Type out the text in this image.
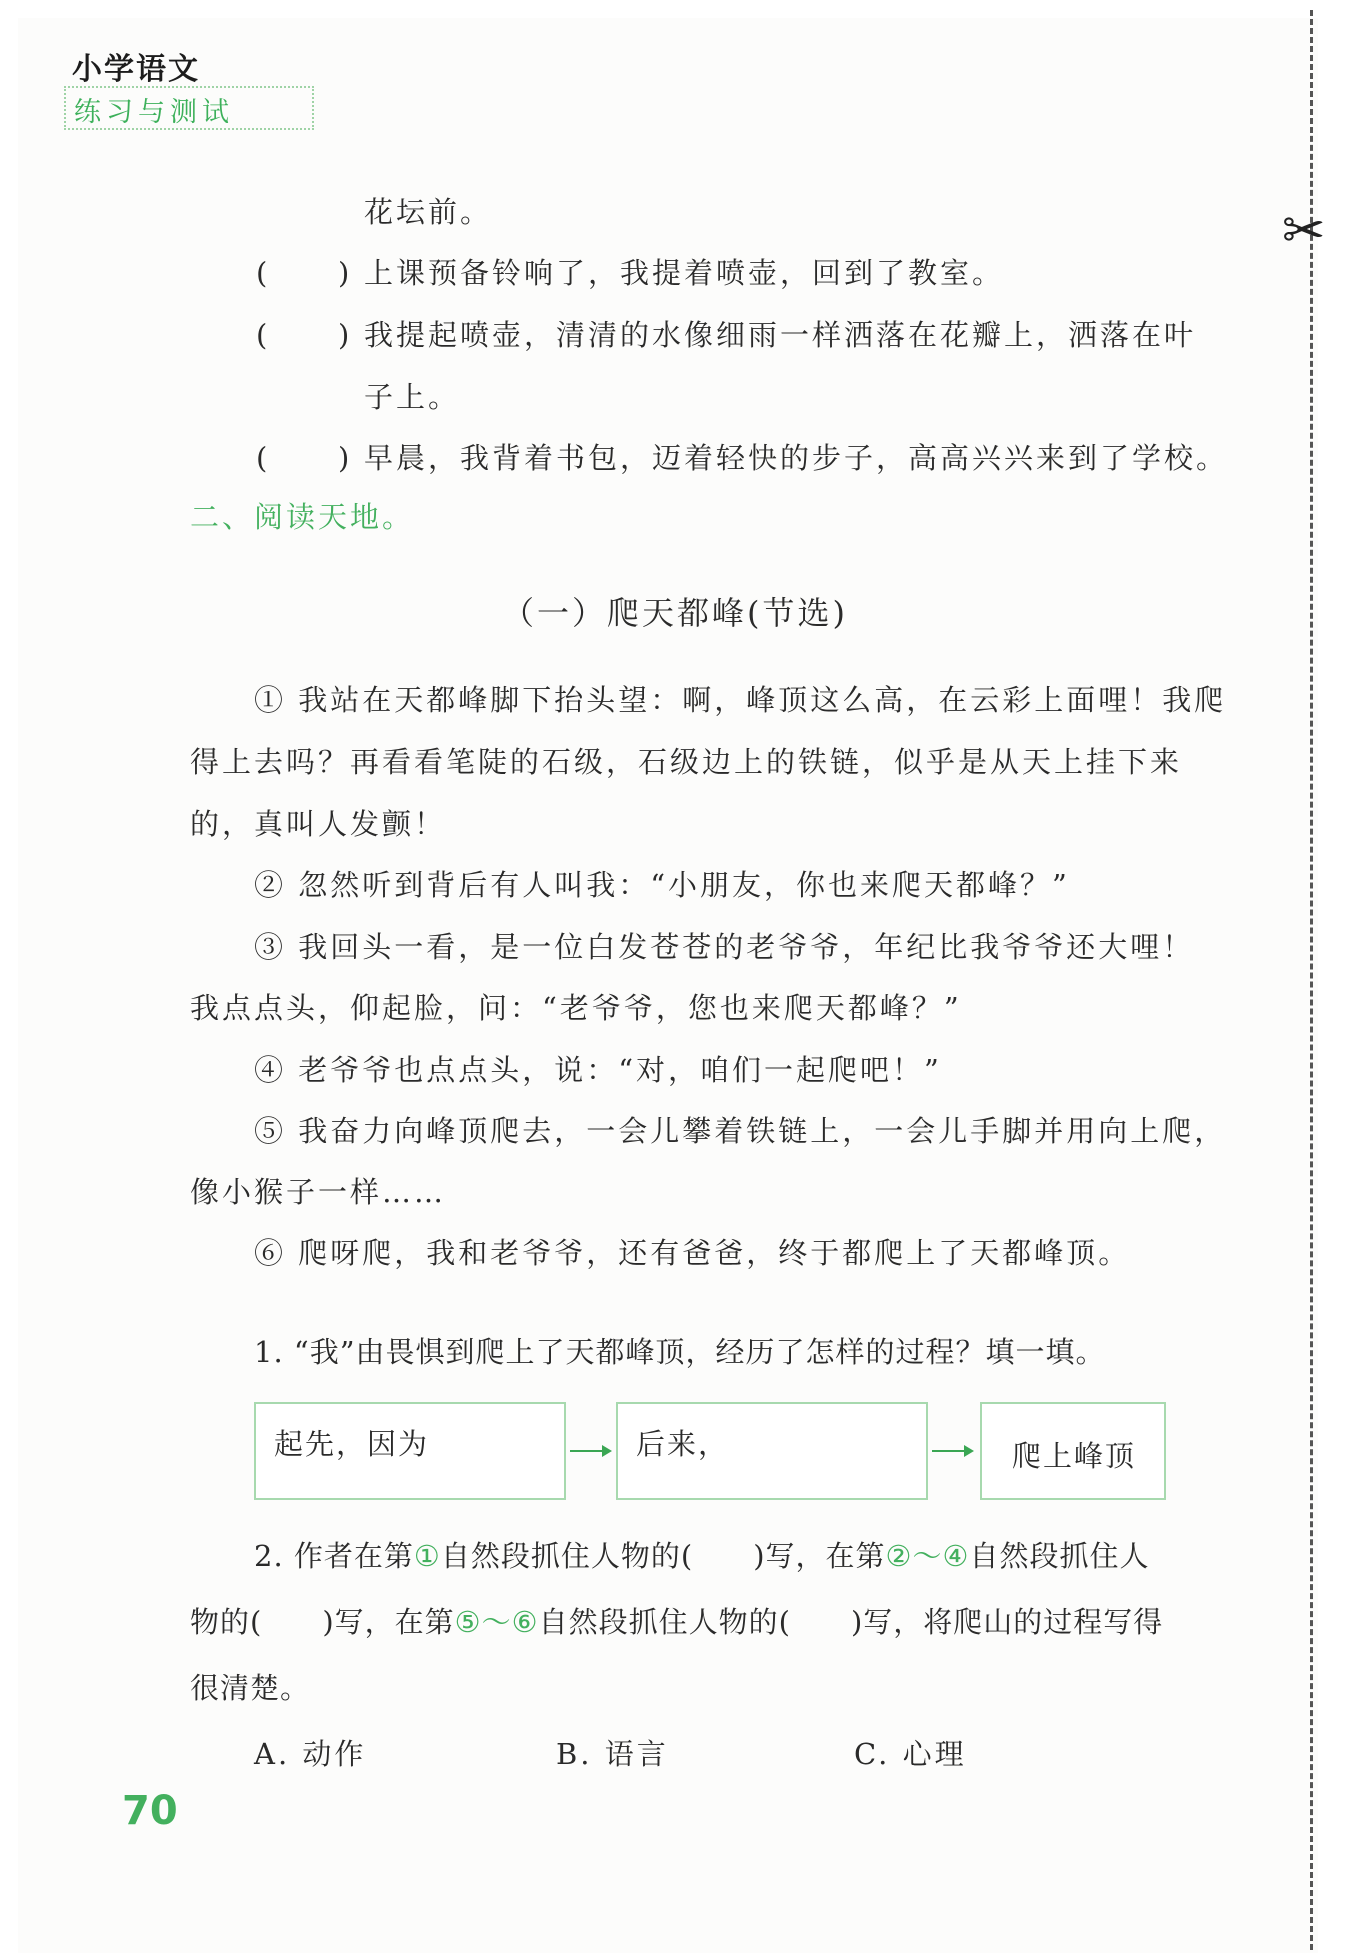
小学语文
练习与测试
✂
花坛前。
( ) 上课预备铃响了，我提着喷壶，回到了教室。
( ) 我提起喷壶，清清的水像细雨一样洒落在花瓣上，洒落在叶
子上。
( ) 早晨，我背着书包，迈着轻快的步子，高高兴兴来到了学校。
二、阅读天地。
（一）爬天都峰(节选)
① 我站在天都峰脚下抬头望：啊，峰顶这么高，在云彩上面哩！我爬
得上去吗？再看看笔陡的石级，石级边上的铁链，似乎是从天上挂下来
的，真叫人发颤！
② 忽然听到背后有人叫我：“小朋友，你也来爬天都峰？”
③ 我回头一看，是一位白发苍苍的老爷爷，年纪比我爷爷还大哩！
我点点头，仰起脸，问：“老爷爷，您也来爬天都峰？”
④ 老爷爷也点点头，说：“对，咱们一起爬吧！”
⑤ 我奋力向峰顶爬去，一会儿攀着铁链上，一会儿手脚并用向上爬，
像小猴子一样……
⑥ 爬呀爬，我和老爷爷，还有爸爸，终于都爬上了天都峰顶。
1. “我”由畏惧到爬上了天都峰顶，经历了怎样的过程？填一填。
起先，因为	后来，	爬上峰顶
2. 作者在第①自然段抓住人物的(　　)写，在第②～④自然段抓住人
物的(　　)写，在第⑤～⑥自然段抓住人物的(　　)写，将爬山的过程写得
很清楚。
A. 动作	B. 语言	C. 心理
70
